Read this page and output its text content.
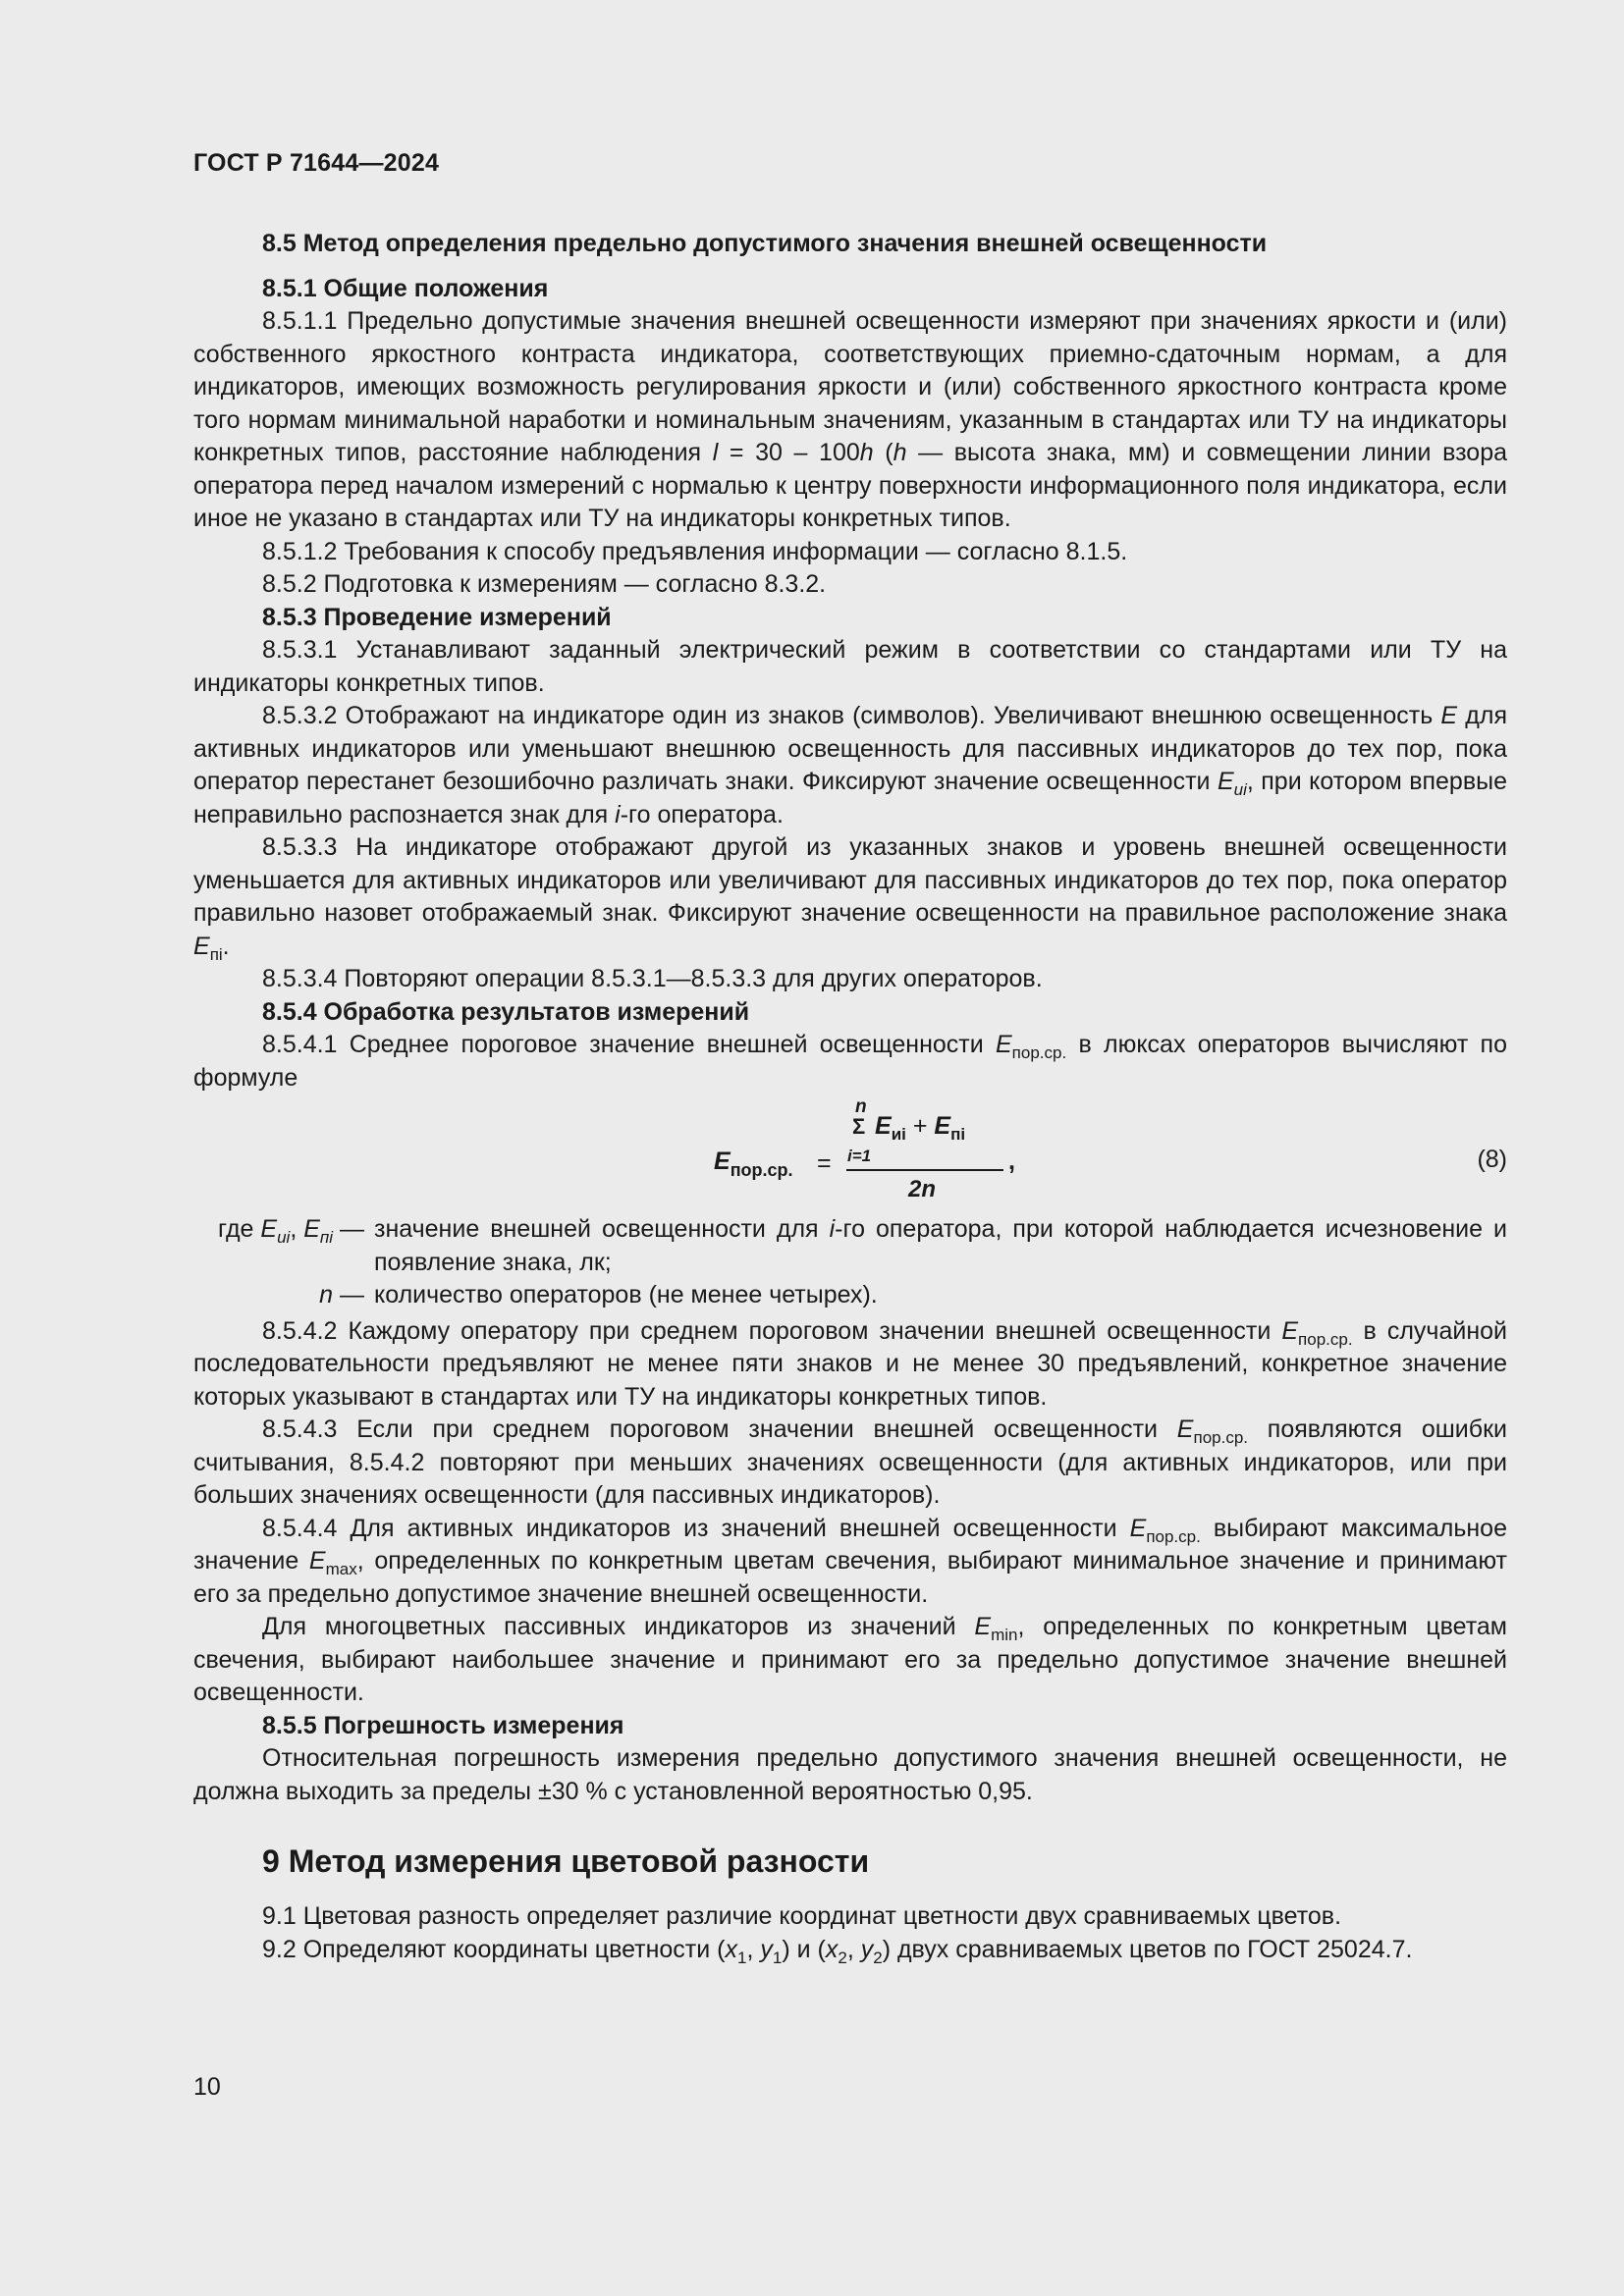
ГОСТ Р 71644—2024

8.5 Метод определения предельно допустимого значения внешней освещенности

8.5.1 Общие положения

8.5.1.1 Предельно допустимые значения внешней освещенности измеряют при значениях яркости и (или) собственного яркостного контраста индикатора, соответствующих приемно-сдаточным нормам, а для индикаторов, имеющих возможность регулирования яркости и (или) собственного яркостного контраста кроме того нормам минимальной наработки и номинальным значениям, указанным в стандартах или ТУ на индикаторы конкретных типов, расстояние наблюдения l = 30 – 100h (h — высота знака, мм) и совмещении линии взора оператора перед началом измерений с нормалью к центру поверхности информационного поля индикатора, если иное не указано в стандартах или ТУ на индикаторы конкретных типов.

8.5.1.2 Требования к способу предъявления информации — согласно 8.1.5.

8.5.2 Подготовка к измерениям — согласно 8.3.2.

8.5.3 Проведение измерений

8.5.3.1 Устанавливают заданный электрический режим в соответствии со стандартами или ТУ на индикаторы конкретных типов.

8.5.3.2 Отображают на индикаторе один из знаков (символов). Увеличивают внешнюю освещенность E для активных индикаторов или уменьшают внешнюю освещенность для пассивных индикаторов до тех пор, пока оператор перестанет безошибочно различать знаки. Фиксируют значение освещенности $E_{иi}$, при котором впервые неправильно распознается знак для i-го оператора.

8.5.3.3 На индикаторе отображают другой из указанных знаков и уровень внешней освещенности уменьшается для активных индикаторов или увеличивают для пассивных индикаторов до тех пор, пока оператор правильно назовет отображаемый знак. Фиксируют значение освещенности на правильное расположение знака $E_{пi}$.

8.5.3.4 Повторяют операции 8.5.3.1—8.5.3.3 для других операторов.

8.5.4 Обработка результатов измерений

8.5.4.1 Среднее пороговое значение внешней освещенности $E_{пор.ср.}$ в люксах операторов вычисляют по формуле

$E_{пор.ср.}$ =
n
Σ
i=1
$E_{иi} + E_{пi}$
2n
,	(8)
где $E_{иi}$, $E_{пi}$ — значение внешней освещенности для i-го оператора, при которой наблюдается исчезновение и появление знака, лк;
n — количество операторов (не менее четырех).

8.5.4.2 Каждому оператору при среднем пороговом значении внешней освещенности $E_{пор.ср.}$ в случайной последовательности предъявляют не менее пяти знаков и не менее 30 предъявлений, конкретное значение которых указывают в стандартах или ТУ на индикаторы конкретных типов.

8.5.4.3 Если при среднем пороговом значении внешней освещенности $E_{пор.ср.}$ появляются ошибки считывания, 8.5.4.2 повторяют при меньших значениях освещенности (для активных индикаторов, или при больших значениях освещенности (для пассивных индикаторов).

8.5.4.4 Для активных индикаторов из значений внешней освещенности $E_{пор.ср.}$ выбирают максимальное значение $E_{max}$, определенных по конкретным цветам свечения, выбирают минимальное значение и принимают его за предельно допустимое значение внешней освещенности.

Для многоцветных пассивных индикаторов из значений $E_{min}$, определенных по конкретным цветам свечения, выбирают наибольшее значение и принимают его за предельно допустимое значение внешней освещенности.

8.5.5 Погрешность измерения

Относительная погрешность измерения предельно допустимого значения внешней освещенности, не должна выходить за пределы ±30 % с установленной вероятностью 0,95.

9 Метод измерения цветовой разности

9.1 Цветовая разность определяет различие координат цветности двух сравниваемых цветов.

9.2 Определяют координаты цветности ($x_1$, $y_1$) и ($x_2$, $y_2$) двух сравниваемых цветов по ГОСТ 25024.7.

10
